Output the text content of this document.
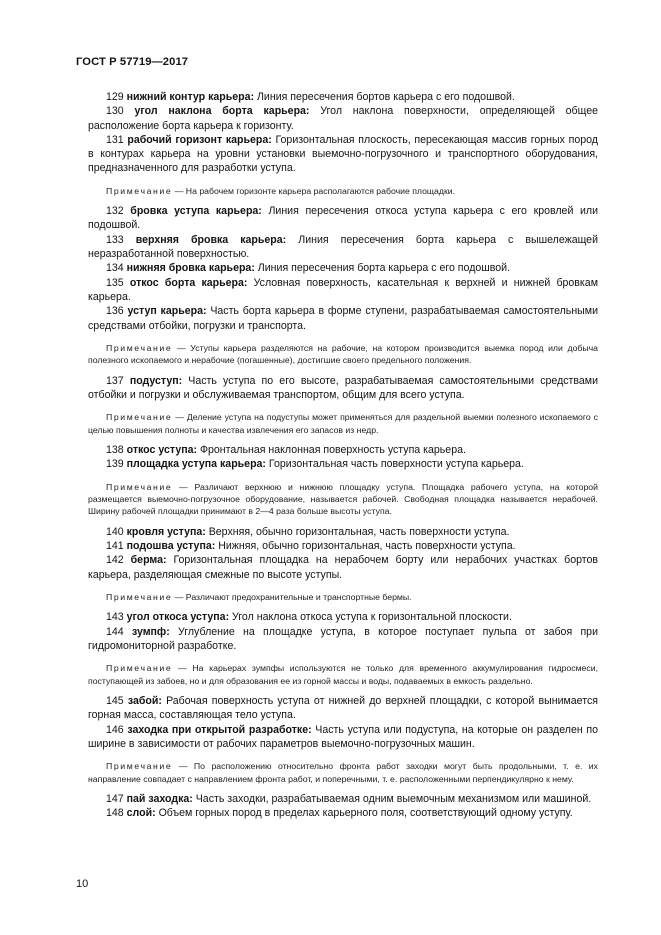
ГОСТ Р 57719—2017

129 нижний контур карьера: Линия пересечения бортов карьера с его подошвой.

130 угол наклона борта карьера: Угол наклона поверхности, определяющей общее расположение борта карьера к горизонту.

131 рабочий горизонт карьера: Горизонтальная плоскость, пересекающая массив горных пород в контурах карьера на уровни установки выемочно-погрузочного и транспортного оборудования, предназначенного для разработки уступа.

Примечание — На рабочем горизонте карьера располагаются рабочие площадки.

132 бровка уступа карьера: Линия пересечения откоса уступа карьера с его кровлей или подошвой.

133 верхняя бровка карьера: Линия пересечения борта карьера с вышележащей неразработанной поверхностью.

134 нижняя бровка карьера: Линия пересечения борта карьера с его подошвой.

135 откос борта карьера: Условная поверхность, касательная к верхней и нижней бровкам карьера.

136 уступ карьера: Часть борта карьера в форме ступени, разрабатываемая самостоятельными средствами отбойки, погрузки и транспорта.

Примечание — Уступы карьера разделяются на рабочие, на котором производится выемка пород или добыча полезного ископаемого и нерабочие (погашенные), достигшие своего предельного положения.

137 подуступ: Часть уступа по его высоте, разрабатываемая самостоятельными средствами отбойки и погрузки и обслуживаемая транспортом, общим для всего уступа.

Примечание — Деление уступа на подуступы может применяться для раздельной выемки полезного ископаемого с целью повышения полноты и качества извлечения его запасов из недр.

138 откос уступа: Фронтальная наклонная поверхность уступа карьера.

139 площадка уступа карьера: Горизонтальная часть поверхности уступа карьера.

Примечание — Различают верхнюю и нижнюю площадку уступа. Площадка рабочего уступа, на которой размещается выемочно-погрузочное оборудование, называется рабочей. Свободная площадка называется нерабочей. Ширину рабочей площадки принимают в 2—4 раза больше высоты уступа.

140 кровля уступа: Верхняя, обычно горизонтальная, часть поверхности уступа.

141 подошва уступа: Нижняя, обычно горизонтальная, часть поверхности уступа.

142 берма: Горизонтальная площадка на нерабочем борту или нерабочих участках бортов карьера, разделяющая смежные по высоте уступы.

Примечание — Различают предохранительные и транспортные бермы.

143 угол откоса уступа: Угол наклона откоса уступа к горизонтальной плоскости.

144 зумпф: Углубление на площадке уступа, в которое поступает пульпа от забоя при гидромониторной разработке.

Примечание — На карьерах зумпфы используются не только для временного аккумулирования гидросмеси, поступающей из забоев, но и для образования ее из горной массы и воды, подаваемых в емкость раздельно.

145 забой: Рабочая поверхность уступа от нижней до верхней площадки, с которой вынимается горная масса, составляющая тело уступа.

146 заходка при открытой разработке: Часть уступа или подуступа, на которые он разделен по ширине в зависимости от рабочих параметров выемочно-погрузочных машин.

Примечание — По расположению относительно фронта работ заходки могут быть продольными, т. е. их направление совпадает с направлением фронта работ, и поперечными, т. е. расположенными перпендикулярно к нему.

147 пай заходка: Часть заходки, разрабатываемая одним выемочным механизмом или машиной.

148 слой: Объем горных пород в пределах карьерного поля, соответствующий одному уступу.

10
